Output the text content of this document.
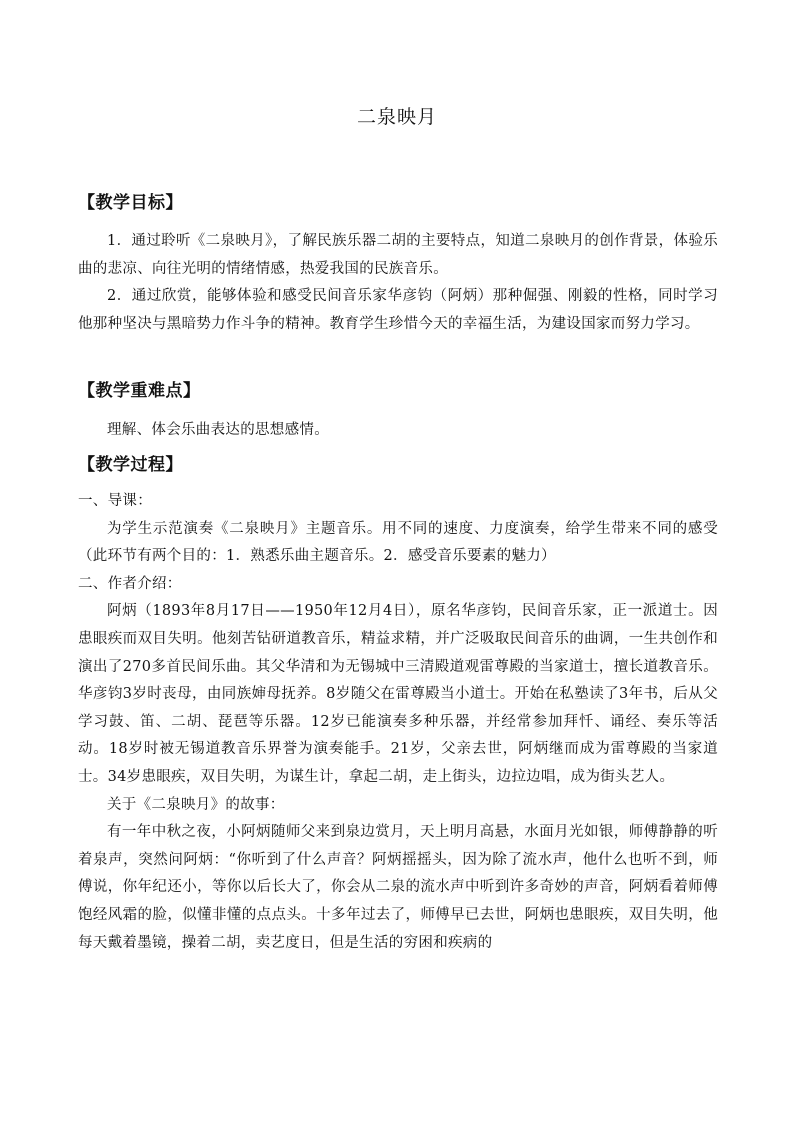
二泉映月
【教学目标】

1．通过聆听《二泉映月》，了解民族乐器二胡的主要特点，知道二泉映月的创作背景，体验乐曲的悲凉、向往光明的情绪情感，热爱我国的民族音乐。

2．通过欣赏，能够体验和感受民间音乐家华彦钧（阿炳）那种倔强、刚毅的性格，同时学习他那种坚决与黑暗势力作斗争的精神。教育学生珍惜今天的幸福生活，为建设国家而努力学习。

【教学重难点】

理解、体会乐曲表达的思想感情。

【教学过程】

一、导课：

为学生示范演奏《二泉映月》主题音乐。用不同的速度、力度演奏，给学生带来不同的感受（此环节有两个目的：1．熟悉乐曲主题音乐。2．感受音乐要素的魅力）

二、作者介绍：

阿炳（1893年8月17日——1950年12月4日），原名华彦钧，民间音乐家，正一派道士。因患眼疾而双目失明。他刻苦钻研道教音乐，精益求精，并广泛吸取民间音乐的曲调，一生共创作和演出了270多首民间乐曲。其父华清和为无锡城中三清殿道观雷尊殿的当家道士，擅长道教音乐。华彦钧3岁时丧母，由同族婶母抚养。8岁随父在雷尊殿当小道士。开始在私塾读了3年书，后从父学习鼓、笛、二胡、琵琶等乐器。12岁已能演奏多种乐器，并经常参加拜忏、诵经、奏乐等活动。18岁时被无锡道教音乐界誉为演奏能手。21岁，父亲去世，阿炳继而成为雷尊殿的当家道士。34岁患眼疾，双目失明，为谋生计，拿起二胡，走上街头，边拉边唱，成为街头艺人。

关于《二泉映月》的故事：

有一年中秋之夜，小阿炳随师父来到泉边赏月，天上明月高悬，水面月光如银，师傅静静的听着泉声，突然问阿炳：“你听到了什么声音？阿炳摇摇头，因为除了流水声，他什么也听不到，师傅说，你年纪还小，等你以后长大了，你会从二泉的流水声中听到许多奇妙的声音，阿炳看着师傅饱经风霜的脸，似懂非懂的点点头。十多年过去了，师傅早已去世，阿炳也患眼疾，双目失明，他每天戴着墨镜，操着二胡，卖艺度日，但是生活的穷困和疾病的
